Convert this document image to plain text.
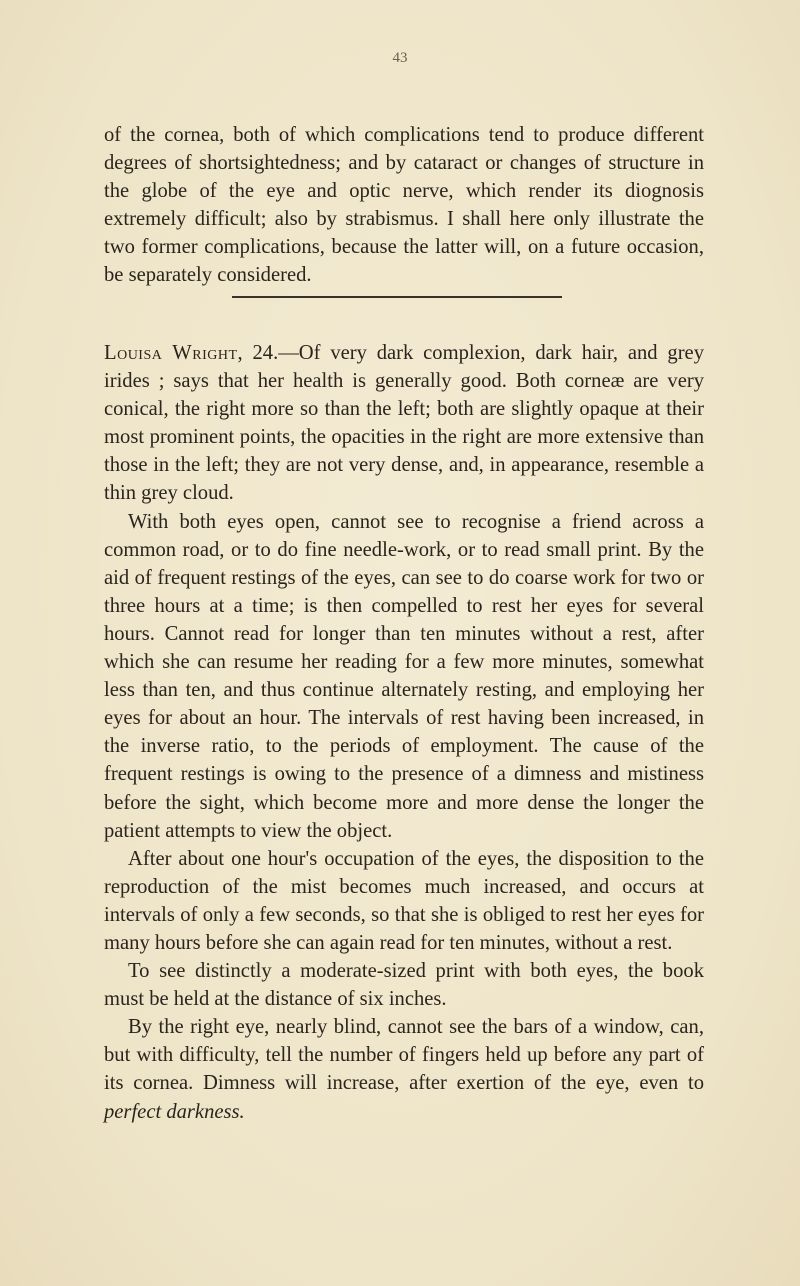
43

of the cornea, both of which complications tend to produce different degrees of shortsightedness; and by cataract or changes of structure in the globe of the eye and optic nerve, which render its diognosis extremely difficult; also by strabismus. I shall here only illustrate the two former complications, because the latter will, on a future occasion, be separately considered.

Louisa Wright, 24.—Of very dark complexion, dark hair, and grey irides ; says that her health is generally good. Both corneæ are very conical, the right more so than the left; both are slightly opaque at their most prominent points, the opacities in the right are more extensive than those in the left; they are not very dense, and, in appearance, resemble a thin grey cloud.

With both eyes open, cannot see to recognise a friend across a common road, or to do fine needle-work, or to read small print. By the aid of frequent restings of the eyes, can see to do coarse work for two or three hours at a time; is then compelled to rest her eyes for several hours. Cannot read for longer than ten minutes without a rest, after which she can resume her reading for a few more minutes, somewhat less than ten, and thus continue alternately resting, and employing her eyes for about an hour. The intervals of rest having been increased, in the inverse ratio, to the periods of employment. The cause of the frequent restings is owing to the presence of a dimness and mistiness before the sight, which become more and more dense the longer the patient attempts to view the object.

After about one hour's occupation of the eyes, the disposition to the reproduction of the mist becomes much increased, and occurs at intervals of only a few seconds, so that she is obliged to rest her eyes for many hours before she can again read for ten minutes, without a rest.

To see distinctly a moderate-sized print with both eyes, the book must be held at the distance of six inches.

By the right eye, nearly blind, cannot see the bars of a window, can, but with difficulty, tell the number of fingers held up before any part of its cornea. Dimness will increase, after exertion of the eye, even to perfect darkness.
